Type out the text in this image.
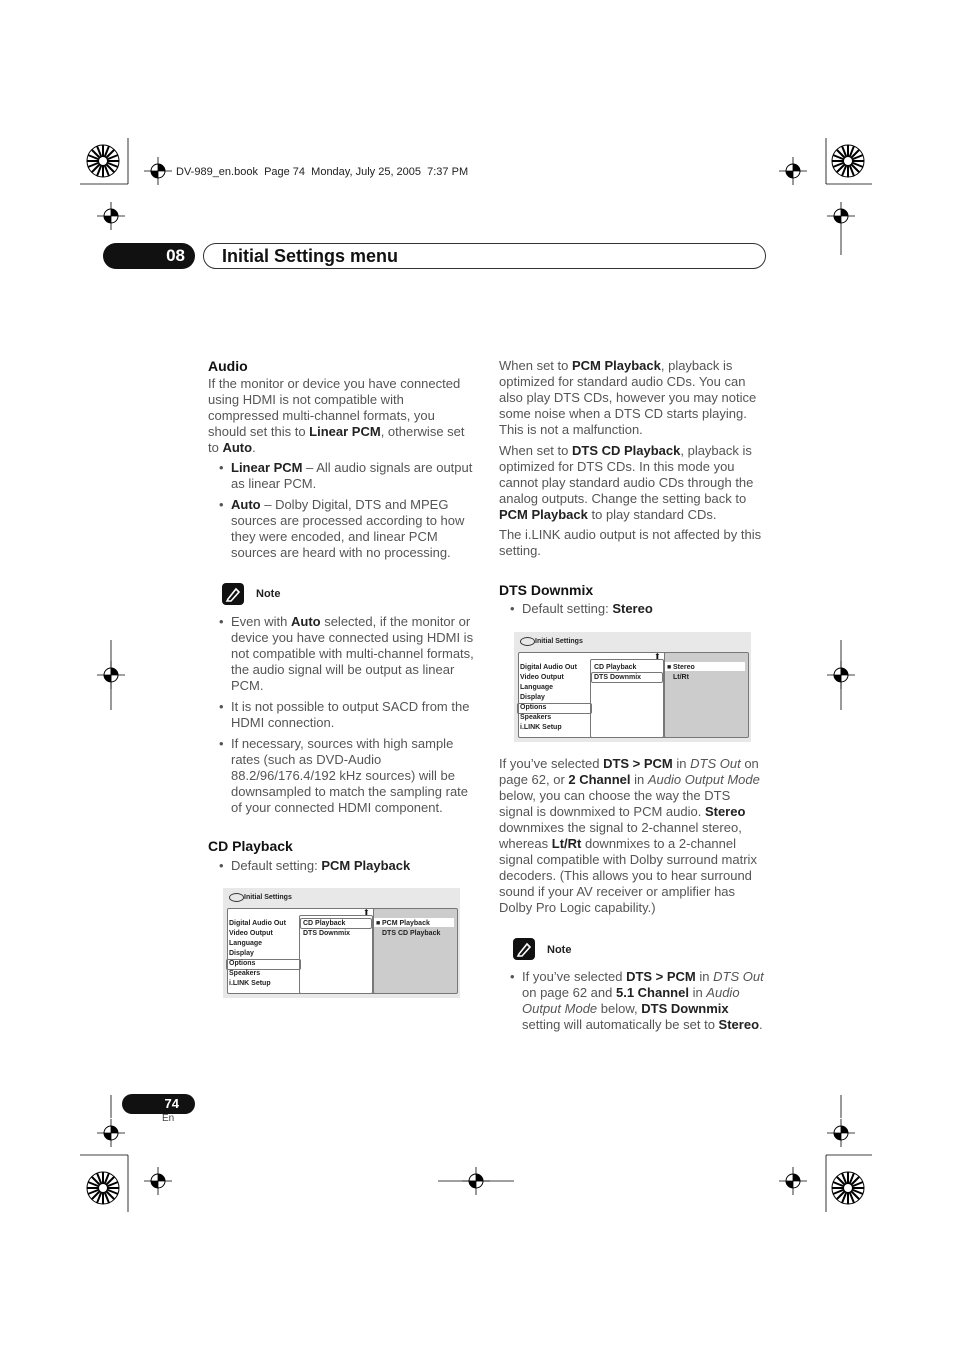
DV-989_en.book  Page 74  Monday, July 25, 2005  7:37 PM
08 Initial Settings menu
Audio
If the monitor or device you have connected using HDMI is not compatible with compressed multi-channel formats, you should set this to Linear PCM, otherwise set to Auto.
• Linear PCM – All audio signals are output as linear PCM.
• Auto – Dolby Digital, DTS and MPEG sources are processed according to how they were encoded, and linear PCM sources are heard with no processing.
Note
• Even with Auto selected, if the monitor or device you have connected using HDMI is not compatible with multi-channel formats, the audio signal will be output as linear PCM.
• It is not possible to output SACD from the HDMI connection.
• If necessary, sources with high sample rates (such as DVD-Audio 88.2/96/176.4/192 kHz sources) will be downsampled to match the sampling rate of your connected HDMI component.
CD Playback
• Default setting: PCM Playback
Initial Settings
⬆
Digital Audio Out
Video Output
Language
Display
Options
Speakers
i.LINK Setup
CD Playback
DTS Downmix
■ PCM Playback
DTS CD Playback
When set to PCM Playback, playback is optimized for standard audio CDs. You can also play DTS CDs, however you may notice some noise when a DTS CD starts playing. This is not a malfunction.
When set to DTS CD Playback, playback is optimized for DTS CDs. In this mode you cannot play standard audio CDs through the analog outputs. Change the setting back to PCM Playback to play standard CDs.
The i.LINK audio output is not affected by this setting.
DTS Downmix
• Default setting: Stereo
Initial Settings
⬆
Digital Audio Out
Video Output
Language
Display
Options
Speakers
i.LINK Setup
CD Playback
DTS Downmix
■ Stereo
Lt/Rt
If you’ve selected DTS > PCM in DTS Out on page 62, or 2 Channel in Audio Output Mode below, you can choose the way the DTS signal is downmixed to PCM audio. Stereo downmixes the signal to 2-channel stereo, whereas Lt/Rt downmixes to a 2-channel signal compatible with Dolby surround matrix decoders. (This allows you to hear surround sound if your AV receiver or amplifier has Dolby Pro Logic capability.)
Note
• If you’ve selected DTS > PCM in DTS Out on page 62 and 5.1 Channel in Audio Output Mode below, DTS Downmix setting will automatically be set to Stereo.
74
En
